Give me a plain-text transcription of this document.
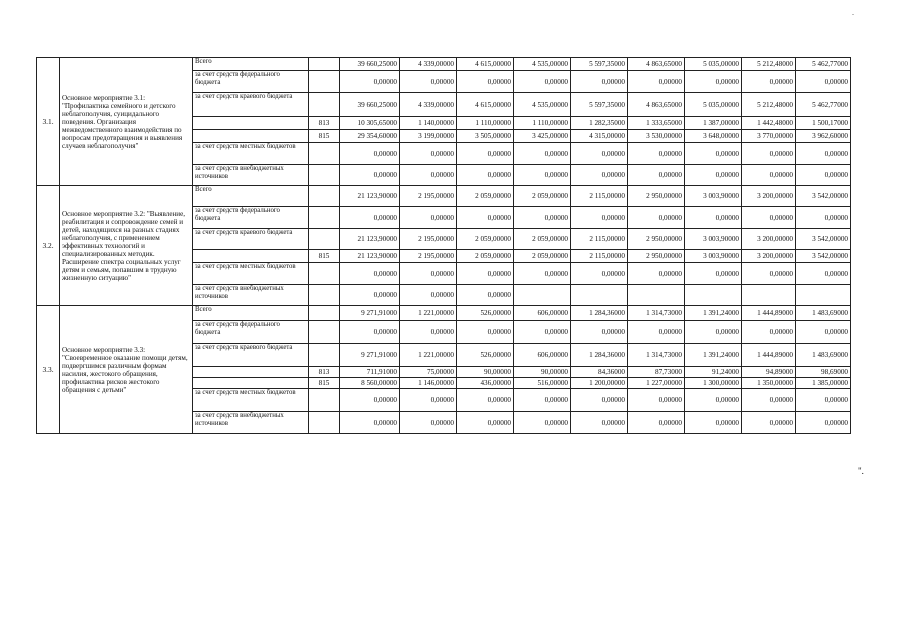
.
3.1.	Основное мероприятие 3.1: "Профилактика семейного и детского неблагополучия, суицидального поведения. Организация межведомственного взаимодействия по вопросам предотвращения и выявления случаев неблагополучия"	Всего		39 660,25000	4 339,00000	4 615,00000	4 535,00000	5 597,35000	4 863,65000	5 035,00000	5 212,48000	5 462,77000
		за счет средств федерального бюджета		0,00000	0,00000	0,00000	0,00000	0,00000	0,00000	0,00000	0,00000	0,00000
		за счет средств краевого бюджета		39 660,25000	4 339,00000	4 615,00000	4 535,00000	5 597,35000	4 863,65000	5 035,00000	5 212,48000	5 462,77000
			813	10 305,65000	1 140,00000	1 110,00000	1 110,00000	1 282,35000	1 333,65000	1 387,00000	1 442,48000	1 500,17000
			815	29 354,60000	3 199,00000	3 505,00000	3 425,00000	4 315,00000	3 530,00000	3 648,00000	3 770,00000	3 962,60000
		за счет средств местных бюджетов		0,00000	0,00000	0,00000	0,00000	0,00000	0,00000	0,00000	0,00000	0,00000
		за счет средств внебюджетных источников		0,00000	0,00000	0,00000	0,00000	0,00000	0,00000	0,00000	0,00000	0,00000
3.2.	Основное мероприятие 3.2: "Выявление, реабилитация и сопровождение семей и детей, находящихся на разных стадиях неблагополучия, с применением эффективных технологий и специализированных методик. Расширение спектра социальных услуг детям и семьям, попавшим в трудную жизненную ситуацию"	Всего		21 123,90000	2 195,00000	2 059,00000	2 059,00000	2 115,00000	2 950,00000	3 003,90000	3 200,00000	3 542,00000
		за счет средств федерального бюджета		0,00000	0,00000	0,00000	0,00000	0,00000	0,00000	0,00000	0,00000	0,00000
		за счет средств краевого бюджета		21 123,90000	2 195,00000	2 059,00000	2 059,00000	2 115,00000	2 950,00000	3 003,90000	3 200,00000	3 542,00000
			815	21 123,90000	2 195,00000	2 059,00000	2 059,00000	2 115,00000	2 950,00000	3 003,90000	3 200,00000	3 542,00000
		за счет средств местных бюджетов		0,00000	0,00000	0,00000	0,00000	0,00000	0,00000	0,00000	0,00000	0,00000
		за счет средств внебюджетных источников		0,00000	0,00000	0,00000						
3.3.	Основное мероприятие 3.3: "Своевременное оказание помощи детям, подвергшимся различным формам насилия, жестокого обращения, профилактика рисков жестокого обращения с детьми"	Всего		9 271,91000	1 221,00000	526,00000	606,00000	1 284,36000	1 314,73000	1 391,24000	1 444,89000	1 483,69000
		за счет средств федерального бюджета		0,00000	0,00000	0,00000	0,00000	0,00000	0,00000	0,00000	0,00000	0,00000
		за счет средств краевого бюджета		9 271,91000	1 221,00000	526,00000	606,00000	1 284,36000	1 314,73000	1 391,24000	1 444,89000	1 483,69000
			813	711,91000	75,00000	90,00000	90,00000	84,36000	87,73000	91,24000	94,89000	98,69000
			815	8 560,00000	1 146,00000	436,00000	516,00000	1 200,00000	1 227,00000	1 300,00000	1 350,00000	1 385,00000
		за счет средств местных бюджетов		0,00000	0,00000	0,00000	0,00000	0,00000	0,00000	0,00000	0,00000	0,00000
		за счет средств внебюджетных источников		0,00000	0,00000	0,00000	0,00000	0,00000	0,00000	0,00000	0,00000	0,00000
".
